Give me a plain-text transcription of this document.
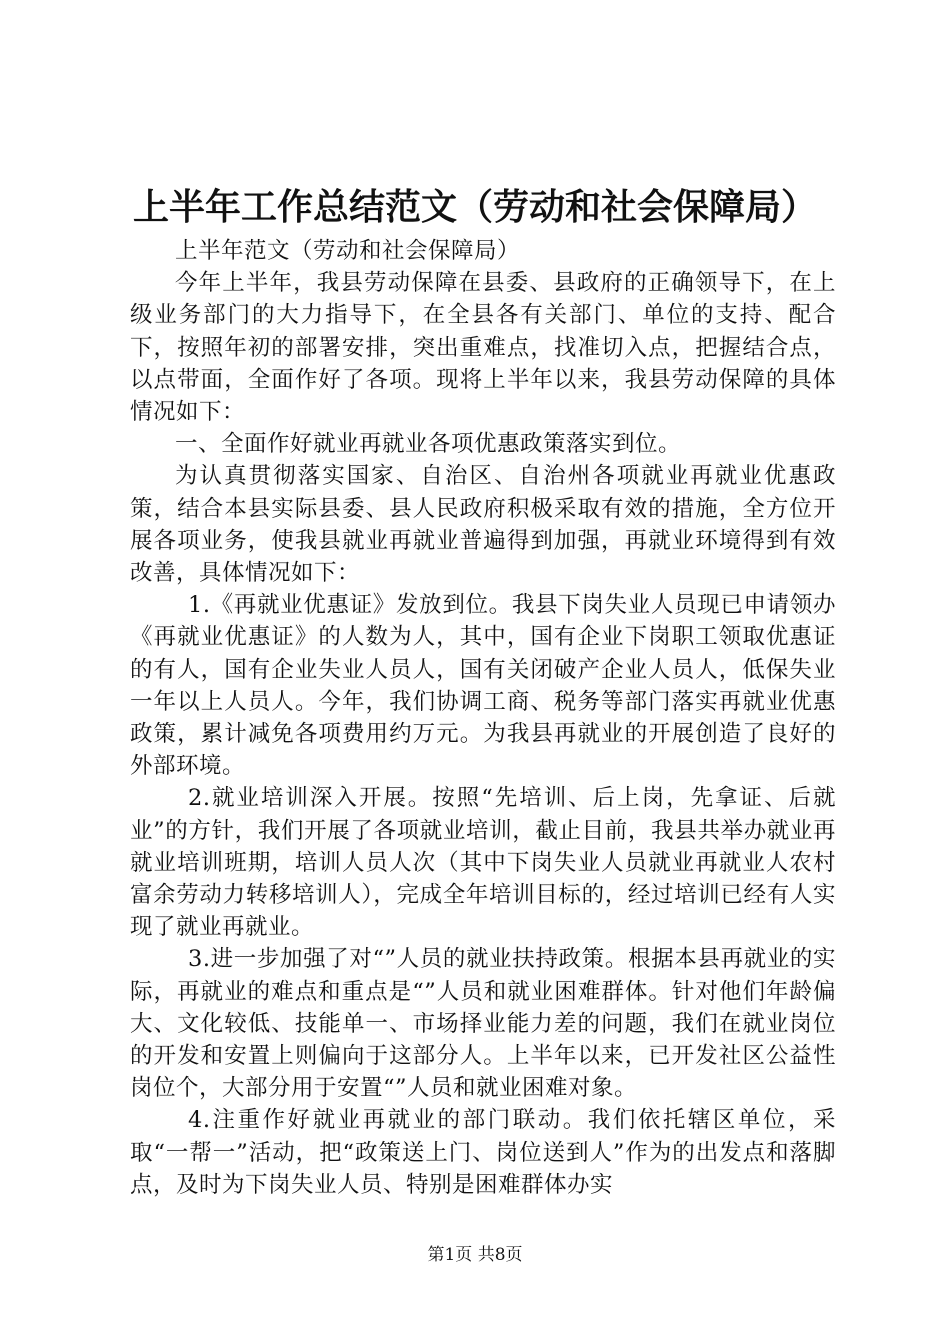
上半年工作总结范文（劳动和社会保障局）

上半年范文（劳动和社会保障局）

今年上半年，我县劳动保障在县委、县政府的正确领导下，在上级业务部门的大力指导下，在全县各有关部门、单位的支持、配合下，按照年初的部署安排，突出重难点，找准切入点，把握结合点，以点带面，全面作好了各项。现将上半年以来，我县劳动保障的具体情况如下：

一、全面作好就业再就业各项优惠政策落实到位。

为认真贯彻落实国家、自治区、自治州各项就业再就业优惠政策，结合本县实际县委、县人民政府积极采取有效的措施，全方位开展各项业务，使我县就业再就业普遍得到加强，再就业环境得到有效改善，具体情况如下：

1.《再就业优惠证》发放到位。我县下岗失业人员现已申请领办《再就业优惠证》的人数为人，其中，国有企业下岗职工领取优惠证的有人，国有企业失业人员人，国有关闭破产企业人员人，低保失业一年以上人员人。今年，我们协调工商、税务等部门落实再就业优惠政策，累计减免各项费用约万元。为我县再就业的开展创造了良好的外部环境。

2.就业培训深入开展。按照“先培训、后上岗，先拿证、后就业”的方针，我们开展了各项就业培训，截止目前，我县共举办就业再就业培训班期，培训人员人次（其中下岗失业人员就业再就业人农村富余劳动力转移培训人），完成全年培训目标的，经过培训已经有人实现了就业再就业。

3.进一步加强了对“”人员的就业扶持政策。根据本县再就业的实际，再就业的难点和重点是“”人员和就业困难群体。针对他们年龄偏大、文化较低、技能单一、市场择业能力差的问题，我们在就业岗位的开发和安置上则偏向于这部分人。上半年以来，已开发社区公益性岗位个，大部分用于安置“”人员和就业困难对象。

4.注重作好就业再就业的部门联动。我们依托辖区单位，采取“一帮一”活动，把“政策送上门、岗位送到人”作为的出发点和落脚点，及时为下岗失业人员、特别是困难群体办实

第1页 共8页
